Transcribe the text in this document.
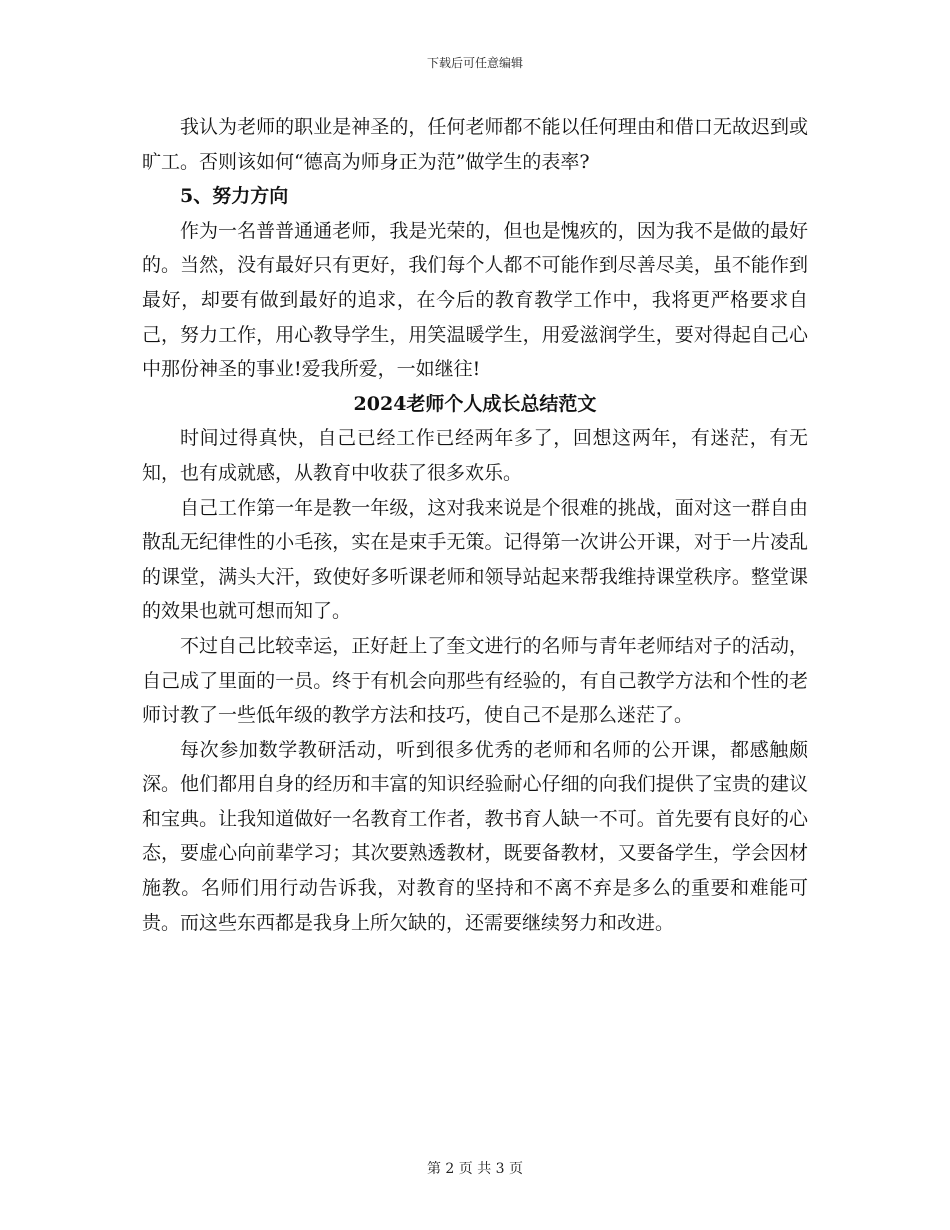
下载后可任意编辑

我认为老师的职业是神圣的，任何老师都不能以任何理由和借口无故迟到或旷工。否则该如何“德高为师身正为范”做学生的表率?

5、努力方向

作为一名普普通通老师，我是光荣的，但也是愧疚的，因为我不是做的最好的。当然，没有最好只有更好，我们每个人都不可能作到尽善尽美，虽不能作到最好，却要有做到最好的追求，在今后的教育教学工作中，我将更严格要求自己，努力工作，用心教导学生，用笑温暖学生，用爱滋润学生，要对得起自己心中那份神圣的事业!爱我所爱，一如继往!

2024老师个人成长总结范文

时间过得真快，自己已经工作已经两年多了，回想这两年，有迷茫，有无知，也有成就感，从教育中收获了很多欢乐。

自己工作第一年是教一年级，这对我来说是个很难的挑战，面对这一群自由散乱无纪律性的小毛孩，实在是束手无策。记得第一次讲公开课，对于一片凌乱的课堂，满头大汗，致使好多听课老师和领导站起来帮我维持课堂秩序。整堂课的效果也就可想而知了。

不过自己比较幸运，正好赶上了奎文进行的名师与青年老师结对子的活动，自己成了里面的一员。终于有机会向那些有经验的，有自己教学方法和个性的老师讨教了一些低年级的教学方法和技巧，使自己不是那么迷茫了。

每次参加数学教研活动，听到很多优秀的老师和名师的公开课，都感触颇深。他们都用自身的经历和丰富的知识经验耐心仔细的向我们提供了宝贵的建议和宝典。让我知道做好一名教育工作者，教书育人缺一不可。首先要有良好的心态，要虚心向前辈学习；其次要熟透教材，既要备教材，又要备学生，学会因材施教。名师们用行动告诉我，对教育的坚持和不离不弃是多么的重要和难能可贵。而这些东西都是我身上所欠缺的，还需要继续努力和改进。

第 2 页 共 3 页
